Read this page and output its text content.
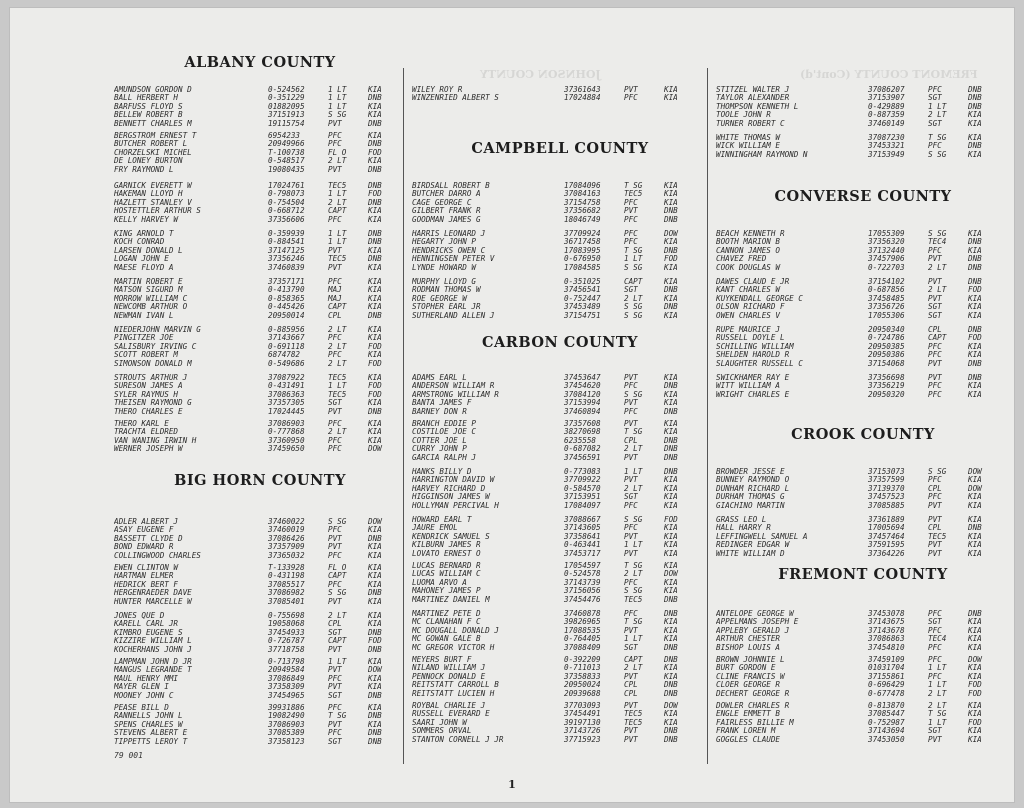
JOHNSON COUNTY	FREMONT COUNTY (Cont'd)
ALBANY COUNTY
AMUNDSON GORDON D	0-524562	1 LT	KIA
BALL HERBERT H	0-351229	1 LT	DNB
BARFUSS FLOYD S	01882095	1 LT	KIA
BELLEW ROBERT B	37151913	S SG	KIA
BENNETT CHARLES M	19115754	PVT	DNB
BERGSTROM ERNEST T	6954233	PFC	KIA
BUTCHER ROBERT L	20949966	PFC	DNB
CHORZELSKI MICHEL	T-100738	FL O	FOD
DE LONEY BURTON	0-548517	2 LT	KIA
FRY RAYMOND L	19080435	PVT	DNB
GARNICK EVERETT W	17024761	TEC5	DNB
HAKEMAN LLOYD H	0-798073	1 LT	FOD
HAZLETT STANLEY V	0-754504	2 LT	DNB
HOSTETTLER ARTHUR S	0-668712	CAPT	KIA
KELLY HARVEY W	37356606	PFC	KIA
KING ARNOLD T	0-359939	1 LT	DNB
KOCH CONRAD	0-884541	1 LT	DNB
LARSEN DONALD L	37147125	PVT	KIA
LOGAN JOHN E	37356246	TEC5	DNB
MAESE FLOYD A	37460839	PVT	KIA
MARTIN ROBERT E	37357171	PFC	KIA
MATSON SIGURD M	0-413790	MAJ	KIA
MORROW WILLIAM C	0-858365	MAJ	KIA
NEWCOMB ARTHUR O	0-445426	CAPT	KIA
NEWMAN IVAN L	20950014	CPL	DNB
NIEDERJOHN MARVIN G	0-885956	2 LT	KIA
PINGITZER JOE	37143667	PFC	KIA
SALISBURY IRVING C	0-691118	2 LT	FOD
SCOTT ROBERT M	6874782	PFC	KIA
SIMONSON DONALD M	0-549686	2 LT	FOD
STROUTS ARTHUR J	37087922	TEC5	KIA
SURESON JAMES A	0-431491	1 LT	FOD
SYLER RAYMUS H	37086363	TEC5	FOD
THEISEN RAYMOND G	37357305	SGT	KIA
THERO CHARLES E	17024445	PVT	DNB
THERO KARL E	37086903	PFC	KIA
TRACHTA ELDRED	0-777868	2 LT	KIA
VAN WANING IRWIN H	37360950	PFC	KIA
WERNER JOSEPH W	37459650	PFC	DOW
BIG HORN COUNTY
ADLER ALBERT J	37460022	S SG	DOW
ASAY EUGENE F	37460019	PFC	KIA
BASSETT CLYDE D	37086426	PVT	DNB
BOND EDWARD R	37357909	PVT	KIA
COLLINGWOOD CHARLES	37365032	PFC	KIA
EWEN CLINTON W	T-133928	FL O	KIA
HARTMAN ELMER	0-431198	CAPT	KIA
HEDRICK BERT F	37085517	PFC	KIA
HERGENRAEDER DAVE	37086982	S SG	DNB
HUNTER MARCELLE W	37085401	PVT	KIA
JONES QUE D	0-755698	2 LT	KIA
KARELL CARL JR	19058068	CPL	KIA
KIMBRO EUGENE S	37454933	SGT	DNB
KIZZIRE WILLIAM L	0-726787	CAPT	FOD
KOCHERHANS JOHN J	37718758	PVT	DNB
LAMPMAN JOHN D JR	0-713798	1 LT	KIA
MANGUS LEGRANDE T	20949584	PVT	DOW
MAUL HENRY MMI	37086849	PFC	KIA
MAYER GLEN I	37358309	PVT	KIA
MOONEY JOHN C	37454965	SGT	DNB
PEASE BILL D	39931886	PFC	KIA
RANNELLS JOHN L	19082490	T SG	DNB
SPENS CHARLES W	37086903	PVT	KIA
STEVENS ALBERT E	37085389	PFC	DNB
TIPPETTS LEROY T	37358123	SGT	DNB
WILEY ROY R	37361643	PVT	KIA
WINZENRIED ALBERT S	17024884	PFC	KIA
CAMPBELL COUNTY
BIRDSALL ROBERT B	17084096	T SG	KIA
BUTCHER DARRO A	37084163	TEC5	KIA
CAGE GEORGE C	37154758	PFC	KIA
GILBERT FRANK R	37356682	PVT	DNB
GOODMAN JAMES G	18046749	PFC	DNB
HARRIS LEONARD J	37709924	PFC	DOW
HEGARTY JOHN P	36717458	PFC	KIA
HENDRICKS OWEN C	17083995	T SG	DNB
HENNINGSEN PETER V	0-676950	1 LT	FOD
LYNDE HOWARD W	17084585	S SG	KIA
MURPHY LLOYD G	0-351025	CAPT	KIA
RODMAN THOMAS W	37456541	SGT	DNB
ROE GEORGE W	0-752447	2 LT	KIA
STOPHER EARL JR	37453489	S SG	DNB
SUTHERLAND ALLEN J	37154751	S SG	KIA
CARBON COUNTY
ADAMS EARL L	37453647	PVT	KIA
ANDERSON WILLIAM R	37454620	PFC	DNB
ARMSTRONG WILLIAM R	37084120	S SG	KIA
BANTA JAMES F	37153994	PVT	KIA
BARNEY DON R	37460894	PFC	DNB
BRANCH EDDIE P	37357608	PVT	KIA
COSTILOE JOE C	38270698	T SG	KIA
COTTER JOE L	6235558	CPL	DNB
CURRY JOHN P	0-687082	2 LT	DNB
GARCIA RALPH J	37456591	PVT	DNB
HANKS BILLY D	0-773083	1 LT	DNB
HARRINGTON DAVID W	37709922	PVT	KIA
HARVEY RICHARD D	0-584570	2 LT	KIA
HIGGINSON JAMES W	37153951	SGT	KIA
HOLLYMAN PERCIVAL H	17084097	PFC	KIA
HOWARD EARL T	37088667	S SG	FOD
JAURE EMOL	37143605	PFC	KIA
KENDRICK SAMUEL S	37358641	PVT	KIA
KILBURN JAMES R	0-463441	1 LT	KIA
LOVATO ERNEST O	37453717	PVT	KIA
LUCAS BERNARD R	17054597	T SG	KIA
LUCAS WILLIAM C	0-524578	2 LT	DOW
LUOMA ARVO A	37143739	PFC	KIA
MAHONEY JAMES P	37156056	S SG	KIA
MARTINEZ DANIEL M	37454476	TEC5	DNB
MARTINEZ PETE D	37460878	PFC	DNB
MC CLANAHAN F C	39826965	T SG	KIA
MC DOUGALL DONALD J	17088535	PVT	KIA
MC GOWAN GALE B	0-764405	1 LT	KIA
MC GREGOR VICTOR H	37088409	SGT	DNB
MEYERS BURT F	0-392209	CAPT	DNB
NILAND WILLIAM J	0-711013	2 LT	KIA
PENNOCK DONALD E	37358833	PVT	KIA
REITSTATT CARROLL B	20950024	CPL	DNB
REITSTATT LUCIEN H	20939688	CPL	DNB
ROYBAL CHARLIE J	37703093	PVT	DOW
RUSSELL EVERARD E	37454491	TEC5	KIA
SAARI JOHN W	39197130	TEC5	KIA
SOMMERS ORVAL	37143726	PVT	DNB
STANTON CORNELL J JR	37715923	PVT	DNB
STITZEL WALTER J	37086207	PFC	DNB
TAYLOR ALEXANDER	37153907	SGT	DNB
THOMPSON KENNETH L	0-429889	1 LT	DNB
TOOLE JOHN R	0-887359	2 LT	KIA
TURNER ROBERT C	37460149	SGT	KIA
WHITE THOMAS W	37087230	T SG	KIA
WICK WILLIAM E	37453321	PFC	DNB
WINNINGHAM RAYMOND N	37153949	S SG	KIA
CONVERSE COUNTY
BEACH KENNETH R	17055309	S SG	KIA
BOOTH MARION B	37356320	TEC4	DNB
CANNON JAMES O	37132440	PFC	KIA
CHAVEZ FRED	37457906	PVT	DNB
COOK DOUGLAS W	0-722703	2 LT	DNB
DAWES CLAUD E JR	37154102	PVT	DNB
KANT CHARLES W	0-687856	2 LT	FOD
KUYKENDALL GEORGE C	37458485	PVT	KIA
OLSON RICHARD F	37356726	SGT	KIA
OWEN CHARLES V	17055306	SGT	KIA
RUPE MAURICE J	20950340	CPL	DNB
RUSSELL DOYLE L	0-724786	CAPT	FOD
SCHILLING WILLIAM	20950385	PFC	KIA
SHELDEN HAROLD R	20950386	PFC	KIA
SLAUGHTER RUSSELL C	37154068	PVT	DNB
SWICKHAMER RAY E	37356698	PVT	DNB
WITT WILLIAM A	37356219	PFC	KIA
WRIGHT CHARLES E	20950320	PFC	KIA
CROOK COUNTY
BROWDER JESSE E	37153073	S SG	DOW
BUNNEY RAYMOND O	37357599	PFC	KIA
DUNHAM RICHARD L	37139370	CPL	DOW
DURHAM THOMAS G	37457523	PFC	KIA
GIACHINO MARTIN	37085885	PVT	KIA
GRASS LEO L	37361889	PVT	KIA
HALL HARRY R	17005694	CPL	DNB
LEFFINGWELL SAMUEL A	37457464	TEC5	KIA
REDINGER EDGAR W	37591595	PVT	KIA
WHITE WILLIAM D	37364226	PVT	KIA
FREMONT COUNTY
ANTELOPE GEORGE W	37453078	PFC	DNB
APPELMANS JOSEPH E	37143675	SGT	KIA
APPLEBY GERALD J	37143678	PFC	KIA
ARTHUR CHESTER	37086863	TEC4	KIA
BISHOP LOUIS A	37454810	PFC	KIA
BROWN JOHNNIE L	37459109	PFC	DOW
BURT GORDON E	01031704	1 LT	KIA
CLINE FRANCIS W	37155861	PFC	KIA
CLOER GEORGE R	0-696429	1 LT	FOD
DECHERT GEORGE R	0-677478	2 LT	FOD
DOWLER CHARLES R	0-813870	2 LT	KIA
ENGLE EMMETT B	37085447	T SG	KIA
FAIRLESS BILLIE M	0-752987	1 LT	FOD
FRANK LOREN M	37143694	SGT	KIA
GOGGLES CLAUDE	37453050	PVT	KIA
79 001
1
